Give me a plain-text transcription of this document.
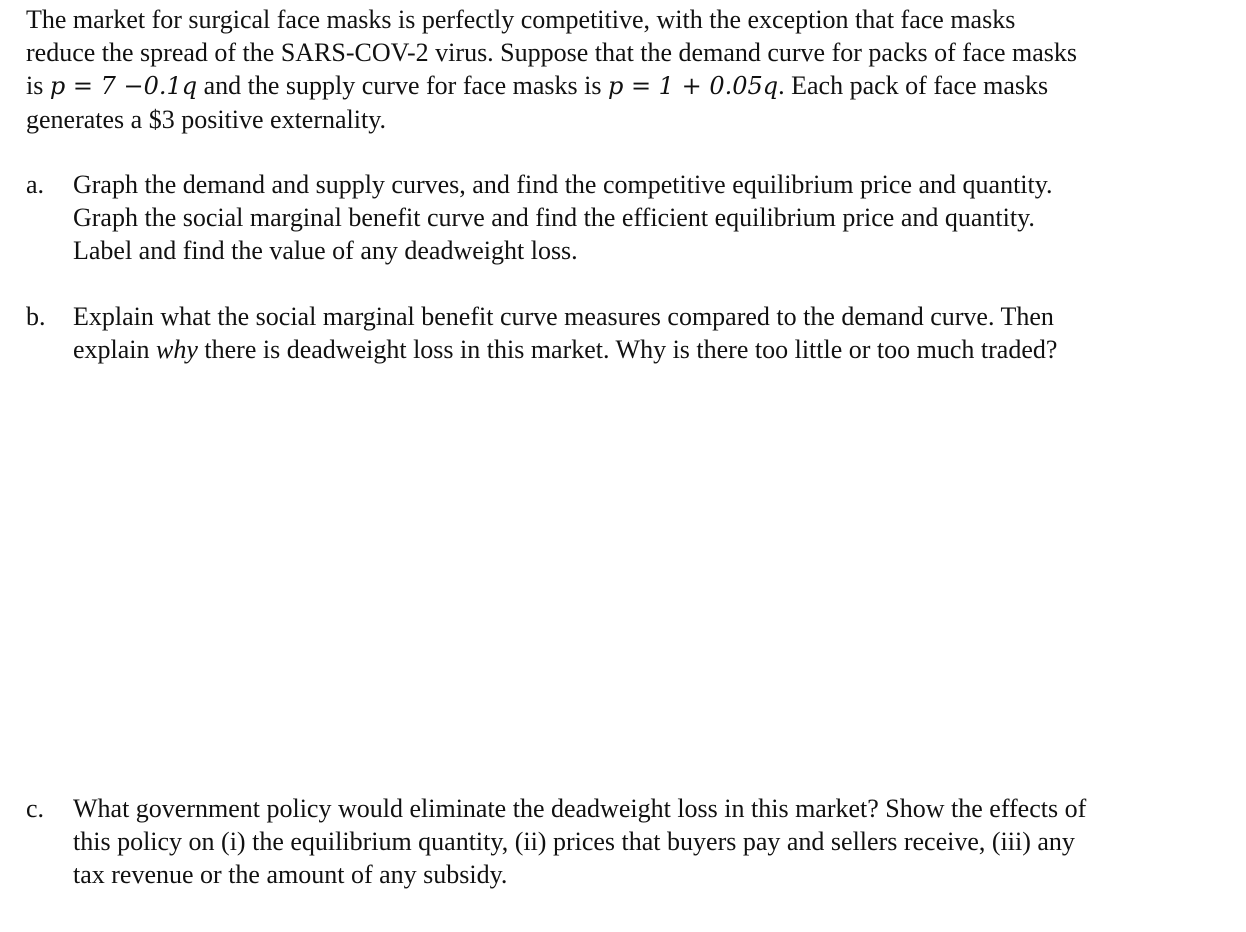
The market for surgical face masks is perfectly competitive, with the exception that face masks
reduce the spread of the SARS-COV-2 virus. Suppose that the demand curve for packs of face masks
is p = 7 −0.1q and the supply curve for face masks is p = 1 + 0.05q. Each pack of face masks
generates a $3 positive externality.
a.	Graph the demand and supply curves, and find the competitive equilibrium price and quantity.
Graph the social marginal benefit curve and find the efficient equilibrium price and quantity.
Label and find the value of any deadweight loss.
b.	Explain what the social marginal benefit curve measures compared to the demand curve. Then
explain why there is deadweight loss in this market. Why is there too little or too much traded?
c.	What government policy would eliminate the deadweight loss in this market? Show the effects of
this policy on (i) the equilibrium quantity, (ii) prices that buyers pay and sellers receive, (iii) any
tax revenue or the amount of any subsidy.
